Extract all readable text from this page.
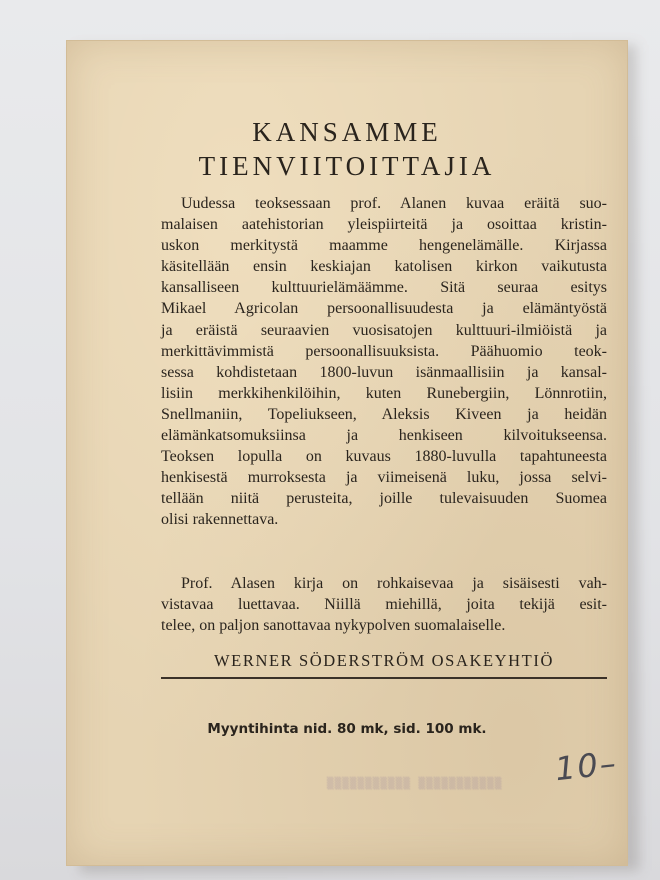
KANSAMME
TIENVIITOITTAJIA
Uudessa teoksessaan prof. Alanen kuvaa eräitä suo-
malaisen aatehistorian yleispiirteitä ja osoittaa kristin-
uskon merkitystä maamme hengenelämälle. Kirjassa
käsitellään ensin keskiajan katolisen kirkon vaikutusta
kansalliseen kulttuurielämäämme. Sitä seuraa esitys
Mikael Agricolan persoonallisuudesta ja elämäntyöstä
ja eräistä seuraavien vuosisatojen kulttuuri-ilmiöistä ja
merkittävimmistä persoonallisuuksista. Päähuomio teok-
sessa kohdistetaan 1800-luvun isänmaallisiin ja kansal-
lisiin merkkihenkilöihin, kuten Runebergiin, Lönnrotiin,
Snellmaniin, Topeliukseen, Aleksis Kiveen ja heidän
elämänkatsomuksiinsa ja henkiseen kilvoitukseensa.
Teoksen lopulla on kuvaus 1880-luvulla tapahtuneesta
henkisestä murroksesta ja viimeisenä luku, jossa selvi-
tellään niitä perusteita, joille tulevaisuuden Suomea
olisi rakennettava.
Prof. Alasen kirja on rohkaisevaa ja sisäisesti vah-
vistavaa luettavaa. Niillä miehillä, joita tekijä esit-
telee, on paljon sanottavaa nykypolven suomalaiselle.
WERNER SÖDERSTRÖM OSAKEYHTIÖ
Myyntihinta nid. 80 mk, sid. 100 mk.
10–
▒▒▒▒▒▒▒▒▒▒▒ ▒▒▒▒▒▒▒▒▒▒▒
